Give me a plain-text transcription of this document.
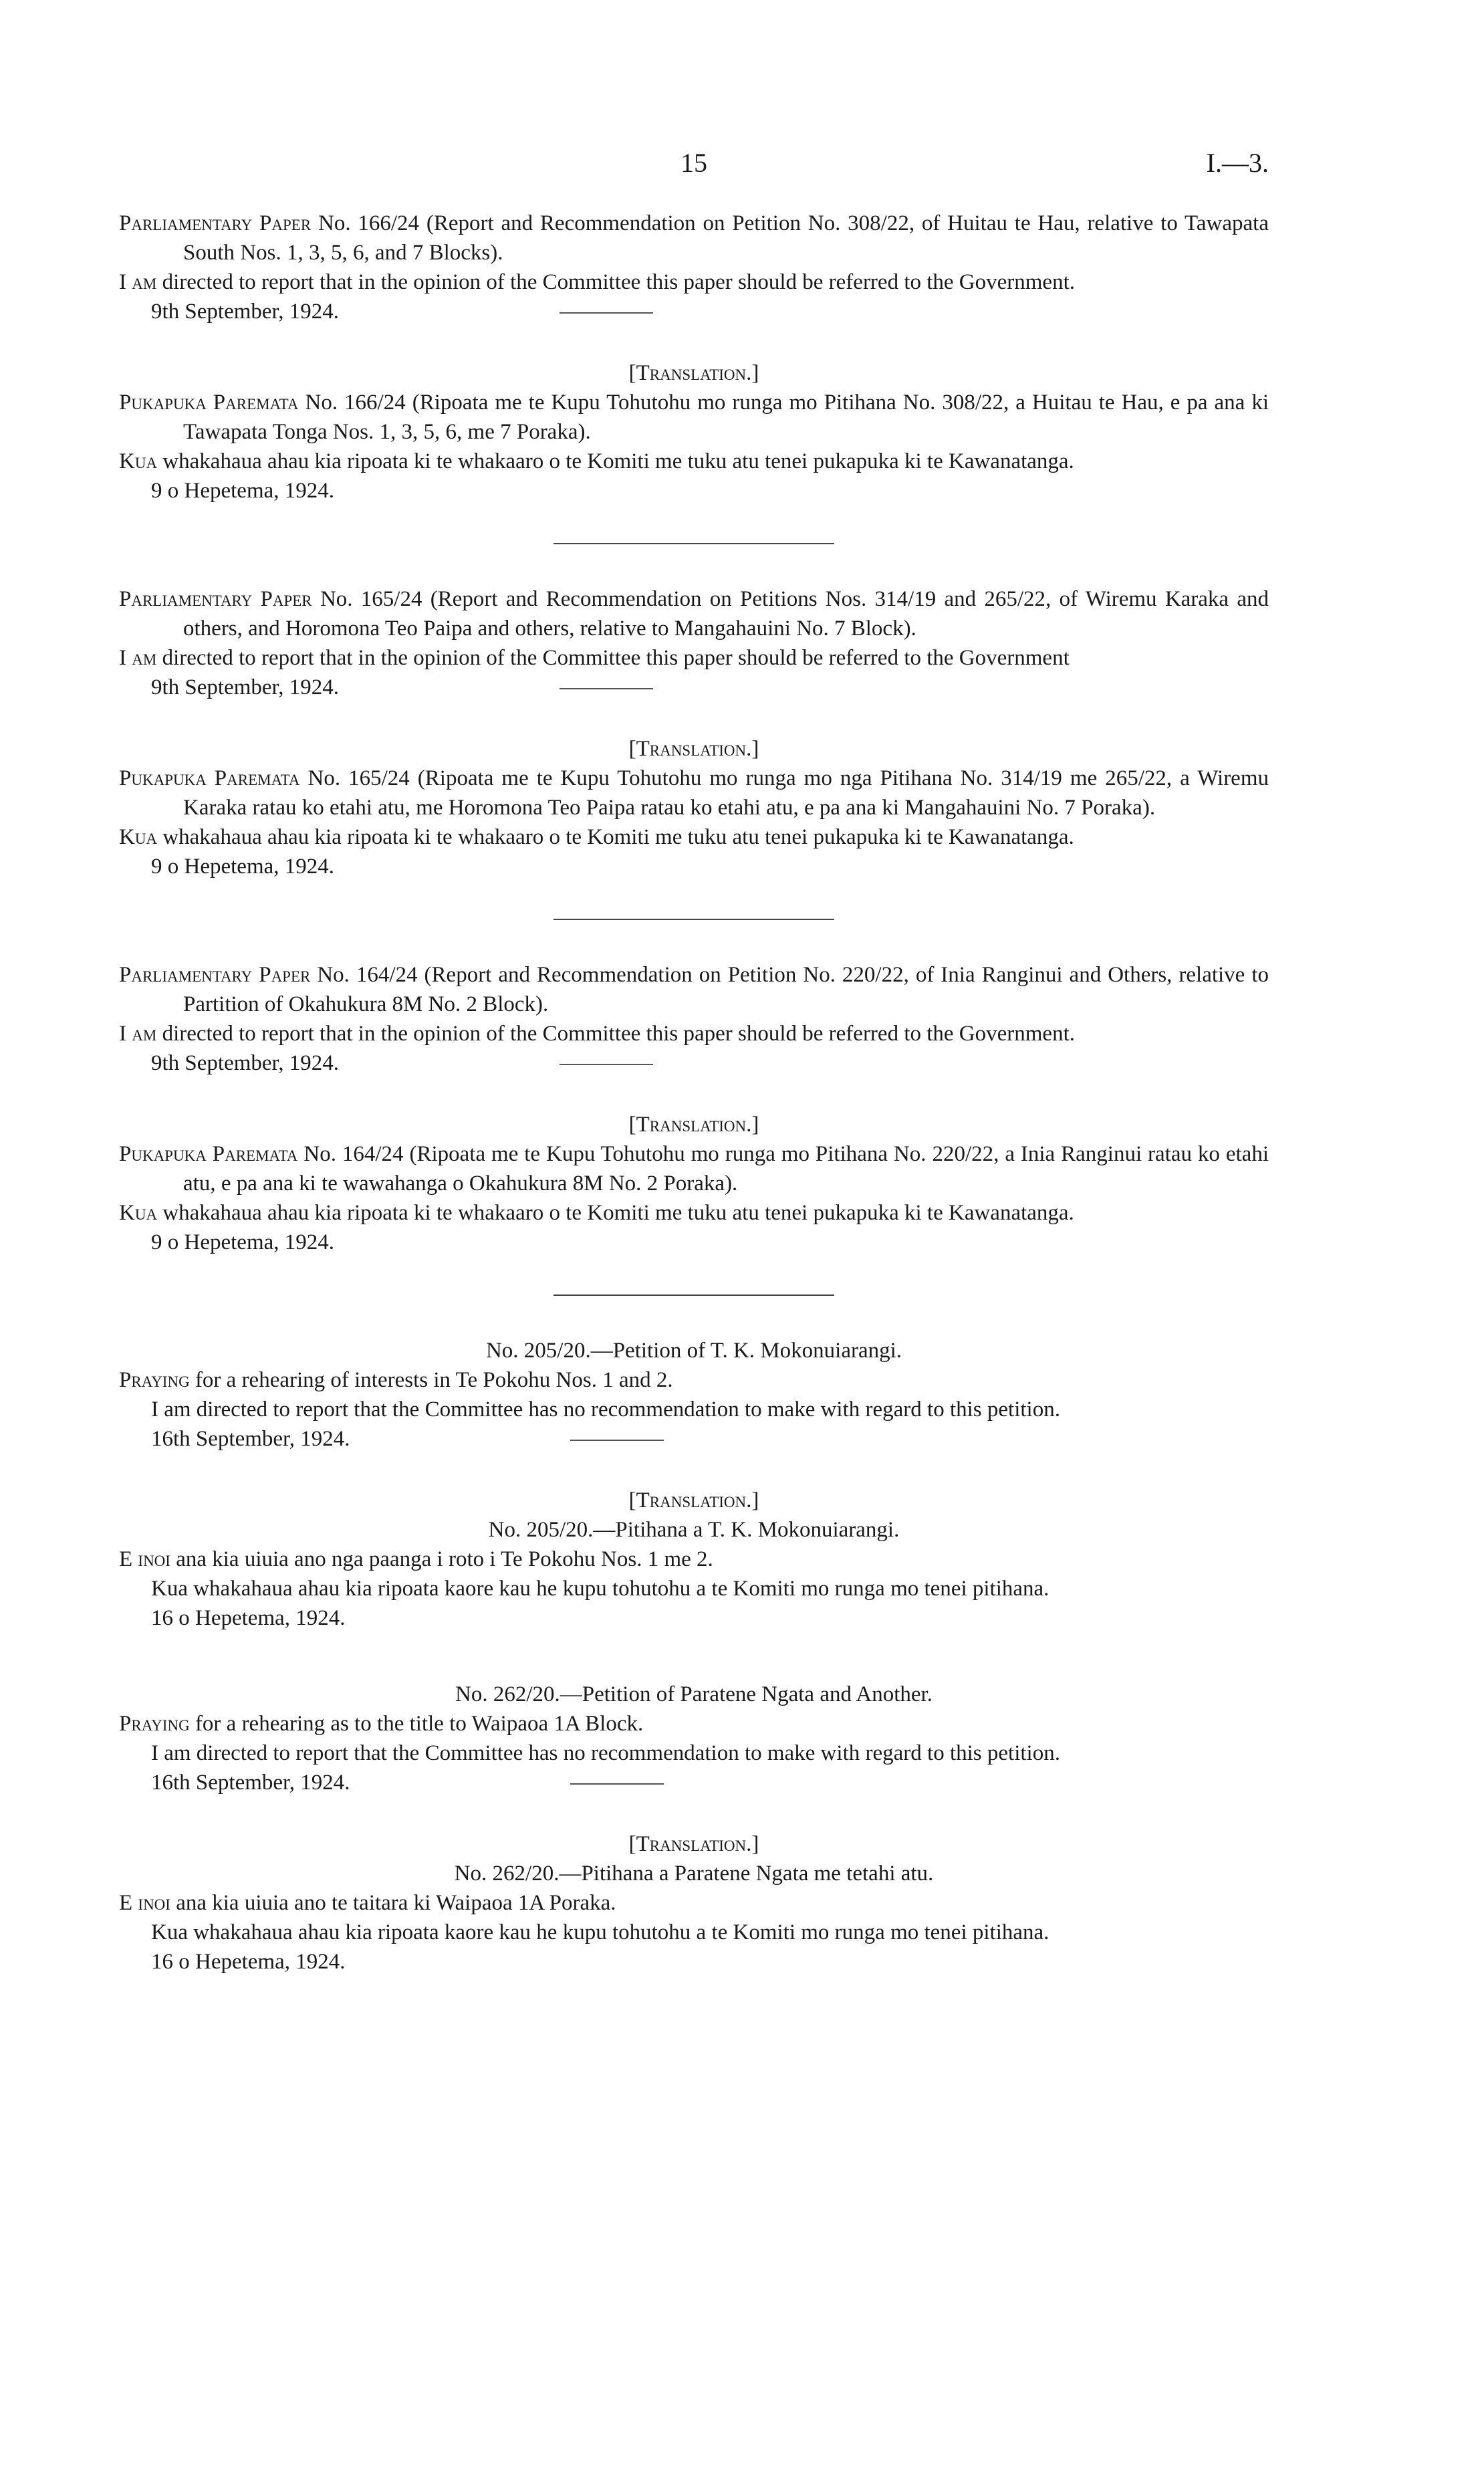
15	I.—3.

Parliamentary Paper No. 166/24 (Report and Recommendation on Petition No. 308/22, of Huitau te Hau, relative to Tawapata South Nos. 1, 3, 5, 6, and 7 Blocks).

I am directed to report that in the opinion of the Committee this paper should be referred to the Government.

9th September, 1924.

[Translation.]

Pukapuka Paremata No. 166/24 (Ripoata me te Kupu Tohutohu mo runga mo Pitihana No. 308/22, a Huitau te Hau, e pa ana ki Tawapata Tonga Nos. 1, 3, 5, 6, me 7 Poraka).

Kua whakahaua ahau kia ripoata ki te whakaaro o te Komiti me tuku atu tenei pukapuka ki te Kawanatanga.

9 o Hepetema, 1924.

Parliamentary Paper No. 165/24 (Report and Recommendation on Petitions Nos. 314/19 and 265/22, of Wiremu Karaka and others, and Horomona Teo Paipa and others, relative to Mangahauini No. 7 Block).

I am directed to report that in the opinion of the Committee this paper should be referred to the Government

9th September, 1924.

[Translation.]

Pukapuka Paremata No. 165/24 (Ripoata me te Kupu Tohutohu mo runga mo nga Pitihana No. 314/19 me 265/22, a Wiremu Karaka ratau ko etahi atu, me Horomona Teo Paipa ratau ko etahi atu, e pa ana ki Mangahauini No. 7 Poraka).

Kua whakahaua ahau kia ripoata ki te whakaaro o te Komiti me tuku atu tenei pukapuka ki te Kawanatanga.

9 o Hepetema, 1924.

Parliamentary Paper No. 164/24 (Report and Recommendation on Petition No. 220/22, of Inia Ranginui and Others, relative to Partition of Okahukura 8M No. 2 Block).

I am directed to report that in the opinion of the Committee this paper should be referred to the Government.

9th September, 1924.

[Translation.]

Pukapuka Paremata No. 164/24 (Ripoata me te Kupu Tohutohu mo runga mo Pitihana No. 220/22, a Inia Ranginui ratau ko etahi atu, e pa ana ki te wawahanga o Okahukura 8M No. 2 Poraka).

Kua whakahaua ahau kia ripoata ki te whakaaro o te Komiti me tuku atu tenei pukapuka ki te Kawanatanga.

9 o Hepetema, 1924.

No. 205/20.—Petition of T. K. Mokonuiarangi.

Praying for a rehearing of interests in Te Pokohu Nos. 1 and 2.

I am directed to report that the Committee has no recommendation to make with regard to this petition.

16th September, 1924.

[Translation.]

No. 205/20.—Pitihana a T. K. Mokonuiarangi.

E inoi ana kia uiuia ano nga paanga i roto i Te Pokohu Nos. 1 me 2.

Kua whakahaua ahau kia ripoata kaore kau he kupu tohutohu a te Komiti mo runga mo tenei pitihana.

16 o Hepetema, 1924.

No. 262/20.—Petition of Paratene Ngata and Another.

Praying for a rehearing as to the title to Waipaoa 1A Block.

I am directed to report that the Committee has no recommendation to make with regard to this petition.

16th September, 1924.

[Translation.]

No. 262/20.—Pitihana a Paratene Ngata me tetahi atu.

E inoi ana kia uiuia ano te taitara ki Waipaoa 1A Poraka.

Kua whakahaua ahau kia ripoata kaore kau he kupu tohutohu a te Komiti mo runga mo tenei pitihana.

16 o Hepetema, 1924.
